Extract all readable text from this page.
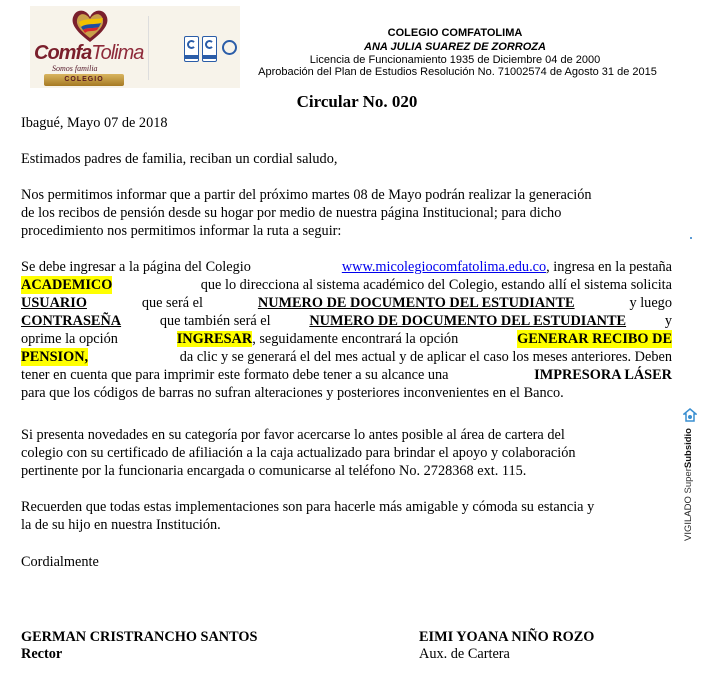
ComfaTolima
Somos familia
COLEGIO
COLEGIO COMFATOLIMA
ANA JULIA SUAREZ DE ZORROZA
Licencia de Funcionamiento 1935 de Diciembre 04 de 2000
Aprobación del Plan de Estudios Resolución No. 71002574 de Agosto 31 de 2015
Circular No. 020
Ibagué, Mayo 07 de 2018
Estimados padres de familia, reciban un cordial saludo,
Nos permitimos informar que a partir del próximo martes 08 de Mayo podrán realizar la generación
de los recibos de pensión desde su hogar por medio de nuestra página Institucional; para dicho
procedimiento nos permitimos informar la ruta a seguir:
Se debe ingresar a la página del Colegio	www.micolegiocomfatolima.edu.co, ingresa en la pestaña
ACADEMICO	que lo direcciona al sistema académico del Colegio, estando allí el sistema solicita
USUARIO	que será el	NUMERO DE DOCUMENTO DEL ESTUDIANTE	y luego
CONTRASEÑA	que también será el	NUMERO DE DOCUMENTO DEL ESTUDIANTE	y
oprime la opción	INGRESAR, seguidamente encontrará la opción	GENERAR RECIBO DE
PENSION,	da clic y se generará el del mes actual y de aplicar el caso los meses anteriores. Deben
tener en cuenta que para imprimir este formato debe tener a su alcance una	IMPRESORA LÁSER
para que los códigos de barras no sufran alteraciones y posteriores inconvenientes en el Banco.
Si presenta novedades en su categoría por favor acercarse lo antes posible al área de cartera del
colegio con su certificado de afiliación a la caja actualizado para brindar el apoyo y colaboración
pertinente por la funcionaria encargada o comunicarse al teléfono No. 2728368 ext. 115.
Recuerden que todas estas implementaciones son para hacerle más amigable y cómoda su estancia y
la de su hijo en nuestra Institución.
Cordialmente
GERMAN CRISTRANCHO SANTOS
Rector
EIMI YOANA NIÑO ROZO
Aux. de Cartera
VIGILADO SuperSubsidio
